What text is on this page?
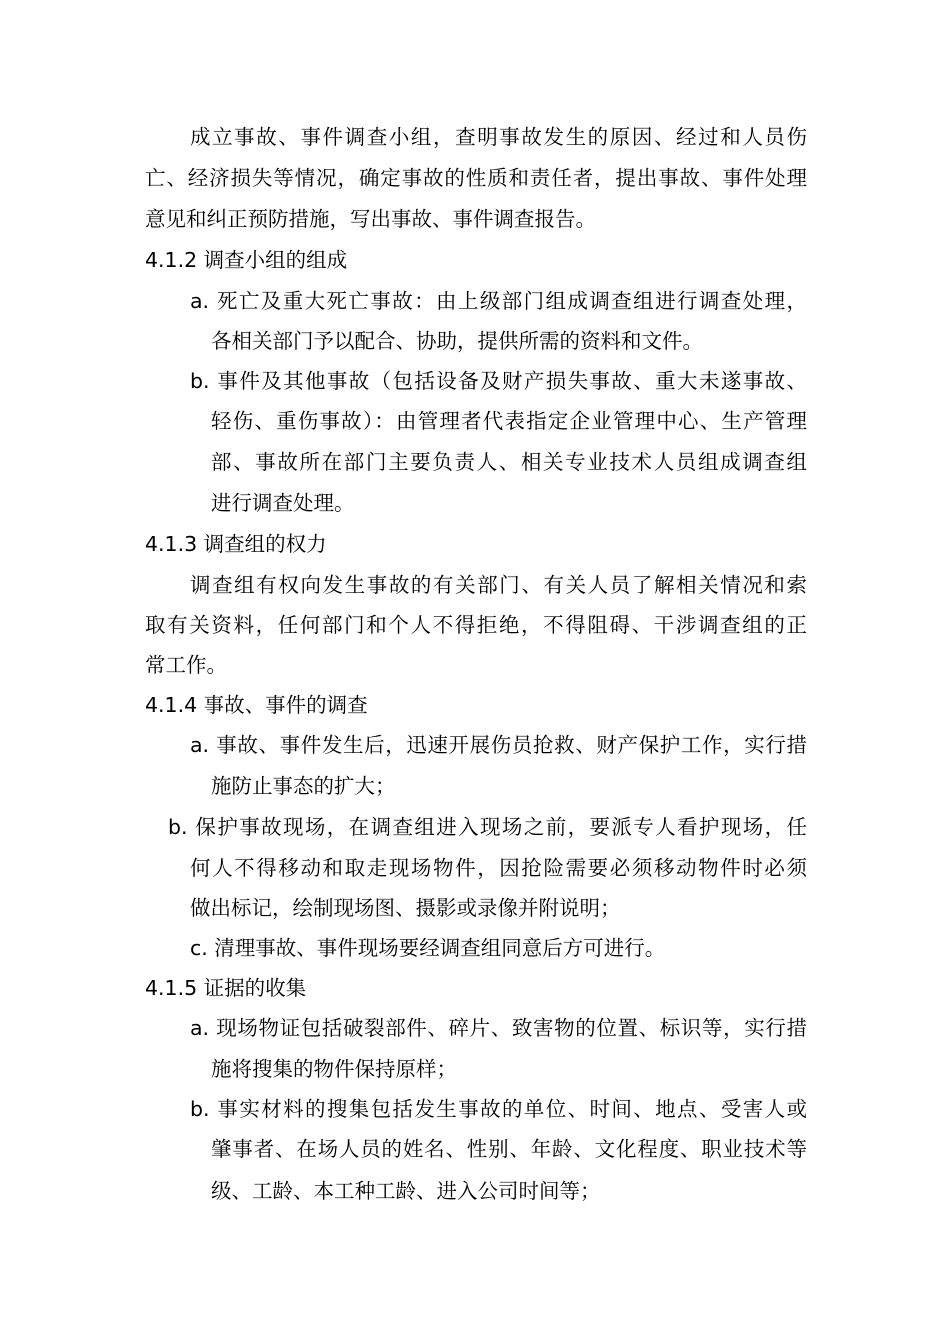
成立事故、事件调查小组，查明事故发生的原因、经过和人员伤
亡、经济损失等情况，确定事故的性质和责任者，提出事故、事件处理
意见和纠正预防措施，写出事故、事件调查报告。
4.1.2 调查小组的组成
a. 死亡及重大死亡事故：由上级部门组成调查组进行调查处理，
各相关部门予以配合、协助，提供所需的资料和文件。
b. 事件及其他事故（包括设备及财产损失事故、重大未遂事故、
轻伤、重伤事故）：由管理者代表指定企业管理中心、生产管理
部、事故所在部门主要负责人、相关专业技术人员组成调查组
进行调查处理。
4.1.3 调查组的权力
调查组有权向发生事故的有关部门、有关人员了解相关情况和索
取有关资料，任何部门和个人不得拒绝，不得阻碍、干涉调查组的正
常工作。
4.1.4 事故、事件的调查
a. 事故、事件发生后，迅速开展伤员抢救、财产保护工作，实行措
施防止事态的扩大；
b. 保护事故现场，在调查组进入现场之前，要派专人看护现场，任
何人不得移动和取走现场物件，因抢险需要必须移动物件时必须
做出标记，绘制现场图、摄影或录像并附说明；
c. 清理事故、事件现场要经调查组同意后方可进行。
4.1.5 证据的收集
a. 现场物证包括破裂部件、碎片、致害物的位置、标识等，实行措
施将搜集的物件保持原样；
b. 事实材料的搜集包括发生事故的单位、时间、地点、受害人或
肇事者、在场人员的姓名、性别、年龄、文化程度、职业技术等
级、工龄、本工种工龄、进入公司时间等；
